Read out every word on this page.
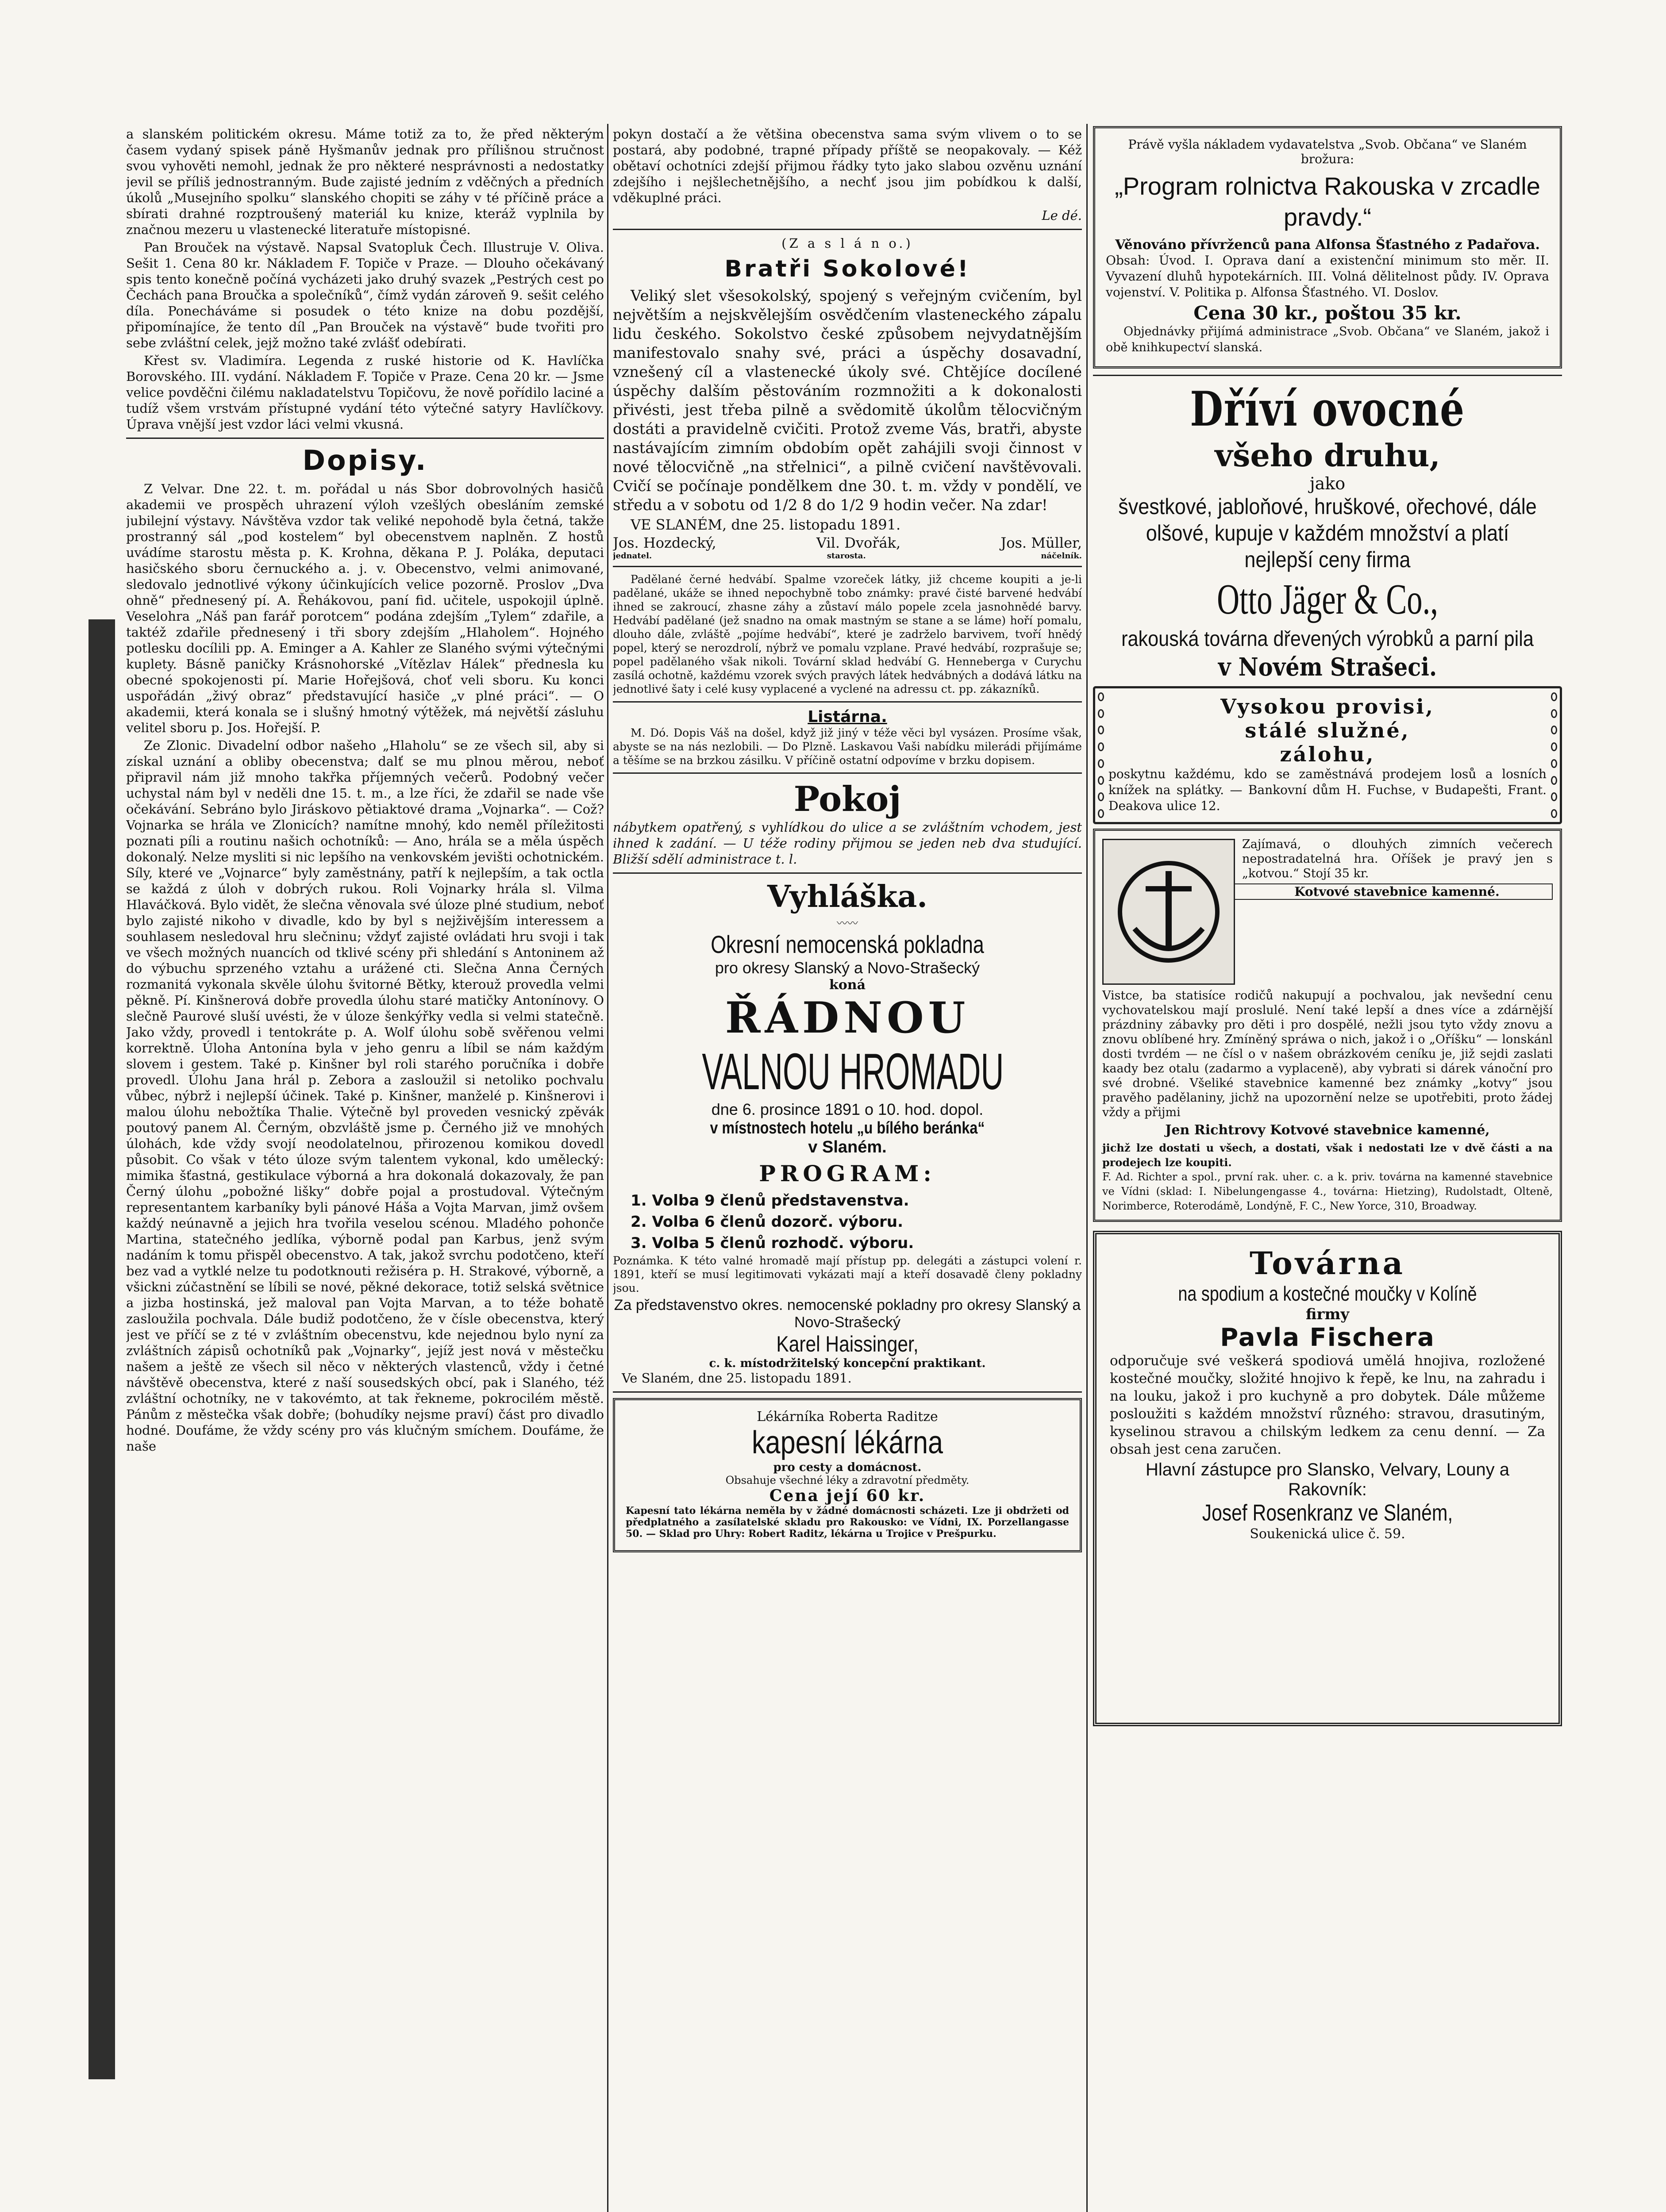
a slanském politickém okresu. Máme totiž za to, že před některým časem vydaný spisek páně Hyšmanův jednak pro přílišnou stručnost svou vyhověti nemohl, jednak že pro některé nesprávnosti a nedostatky jevil se příliš jednostranným. Bude zajisté jedním z vděčných a předních úkolů „Musejního spolku“ slanského chopiti se záhy v té příčině práce a sbírati drahné rozptroušený materiál ku knize, kteráž vyplnila by značnou mezeru u vlastenecké literatuře místopisné.
Pan Brouček na výstavě. Napsal Svatopluk Čech. Illustruje V. Oliva. Sešit 1. Cena 80 kr. Nákladem F. Topiče v Praze. — Dlouho očekávaný spis tento konečně počíná vycházeti jako druhý svazek „Pestrých cest po Čechách pana Broučka a společníků“, čímž vydán zároveň 9. sešit celého díla. Ponecháváme si posudek o této knize na dobu pozdější, připomínajíce, že tento díl „Pan Brouček na výstavě“ bude tvořiti pro sebe zvláštní celek, jejž možno také zvlášť odebírati.
Křest sv. Vladimíra. Legenda z ruské historie od K. Havlíčka Borovského. III. vydání. Nákladem F. Topiče v Praze. Cena 20 kr. — Jsme velice povděčni čilému nakladatelstvu Topičovu, že nově pořídilo laciné a tudíž všem vrstvám přístupné vydání této výtečné satyry Havlíčkovy. Úprava vnější jest vzdor láci velmi vkusná.
Dopisy.
Z Velvar. Dne 22. t. m. pořádal u nás Sbor dobrovolných hasičů akademii ve prospěch uhrazení výloh vzešlých obesláním zemské jubilejní výstavy. Návštěva vzdor tak veliké nepohodě byla četná, takže prostranný sál „pod kostelem“ byl obecenstvem naplněn. Z hostů uvádíme starostu města p. K. Krohna, děkana P. J. Poláka, deputaci hasičského sboru černuckého a. j. v. Obecenstvo, velmi animované, sledovalo jednotlivé výkony účinkujících velice pozorně. Proslov „Dva ohně“ přednesený pí. A. Řehákovou, paní fid. učitele, uspokojil úplně. Veselohra „Náš pan farář porotcem“ podána zdejším „Tylem“ zdařile, a taktéž zdařile přednesený i tři sbory zdejším „Hlaholem“. Hojného potlesku docílili pp. A. Eminger a A. Kahler ze Slaného svými výtečnými kuplety. Básně paničky Krásnohorské „Vítězlav Hálek“ přednesla ku obecné spokojenosti pí. Marie Hořejšová, choť veli sboru. Ku konci uspořádán „živý obraz“ představující hasiče „v plné práci“. — O akademii, která konala se i slušný hmotný výtěžek, má největší zásluhu velitel sboru p. Jos. Hořejší. P.
Ze Zlonic. Divadelní odbor našeho „Hlaholu“ se ze všech sil, aby si získal uznání a obliby obecenstva; dalť se mu plnou měrou, neboť připravil nám již mnoho takřka příjemných večerů. Podobný večer uchystal nám byl v neděli dne 15. t. m., a lze říci, že zdařil se nade vše očekávání. Sebráno bylo Jiráskovo pětiaktové drama „Vojnarka“. — Což? Vojnarka se hrála ve Zlonicích? namítne mnohý, kdo neměl příležitosti poznati píli a routinu našich ochotníků: — Ano, hrála se a měla úspěch dokonalý. Nelze mysliti si nic lepšího na venkovském jevišti ochotnickém. Síly, které ve „Vojnarce“ byly zaměstnány, patří k nejlepším, a tak octla se každá z úloh v dobrých rukou. Roli Vojnarky hrála sl. Vilma Hlaváčková. Bylo vidět, že slečna věnovala své úloze plné studium, neboť bylo zajisté nikoho v divadle, kdo by byl s nejživějším interessem a souhlasem nesledoval hru slečninu; vždyť zajisté ovládati hru svoji i tak ve všech možných nuancích od tklivé scény při shledání s Antoninem až do výbuchu sprzeného vztahu a urážené cti. Slečna Anna Černých rozmanitá vykonala skvěle úlohu švitorné Bětky, kterouž provedla velmi pěkně. Pí. Kinšnerová dobře provedla úlohu staré matičky Antonínovy. O slečně Paurové sluší uvésti, že v úloze šenkýřky vedla si velmi statečně. Jako vždy, provedl i tentokráte p. A. Wolf úlohu sobě svěřenou velmi korrektně. Úloha Antonína byla v jeho genru a líbil se nám každým slovem i gestem. Také p. Kinšner byl roli starého poručníka i dobře provedl. Úlohu Jana hrál p. Zebora a zasloužil si netoliko pochvalu vůbec, nýbrž i nejlepší účinek. Také p. Kinšner, manželé p. Kinšnerovi i malou úlohu nebožtíka Thalie. Výtečně byl proveden vesnický zpěvák poutový panem Al. Černým, obzvláště jsme p. Černého již ve mnohých úlohách, kde vždy svojí neodolatelnou, přirozenou komikou dovedl působit. Co však v této úloze svým talentem vykonal, kdo umělecký: mimika šťastná, gestikulace výborná a hra dokonalá dokazovaly, že pan Černý úlohu „pobožné lišky“ dobře pojal a prostudoval. Výtečným representantem karbaníky byli pánové Háša a Vojta Marvan, jimž ovšem každý neúnavně a jejich hra tvořila veselou scénou. Mladého pohonče Martina, statečného jedlíka, výborně podal pan Karbus, jenž svým nadáním k tomu přispěl obecenstvo. A tak, jakož svrchu podotčeno, kteří bez vad a vytklé nelze tu podotknouti režiséra p. H. Strakové, výborně, a všickni zúčastnění se líbili se nové, pěkné dekorace, totiž selská světnice a jizba hostinská, jež maloval pan Vojta Marvan, a to téže bohatě zasloužila pochvala. Dále budiž podotčeno, že v čísle obecenstva, který jest ve příčí se z té v zvláštním obecenstvu, kde nejednou bylo nyní za zvláštních zápisů ochotníků pak „Vojnarky“, jejíž jest nová v městečku našem a ještě ze všech sil něco v některých vlastenců, vždy i četné návštěvě obecenstva, které z naší sousedských obcí, pak i Slaného, též zvláštní ochotníky, ne v takovémto, at tak řekneme, pokrocilém městě. Pánům z městečka však dobře; (bohudíky nejsme praví) část pro divadlo hodné. Doufáme, že vždy scény pro vás klučným smíchem. Doufáme, že naše
pokyn dostačí a že většina obecenstva sama svým vlivem o to se postará, aby podobné, trapné případy příště se neopakovaly. — Kéž obětaví ochotníci zdejší přijmou řádky tyto jako slabou ozvěnu uznání zdejšího i nejšlechetnějšího, a nechť jsou jim pobídkou k další, vděkuplné práci.
Le dé.
(Z a s l á n o.)
Bratři Sokolové!
Veliký slet všesokolský, spojený s veřejným cvičením, byl největším a nejskvělejším osvědčením vlasteneckého zápalu lidu českého. Sokolstvo české způsobem nejvydatnějším manifestovalo snahy své, práci a úspěchy dosavadní, vznešený cíl a vlastenecké úkoly své. Chtějíce docílené úspěchy dalším pěstováním rozmnožiti a k dokonalosti přivésti, jest třeba pilně a svědomitě úkolům tělocvičným dostáti a pravidelně cvičiti. Protož zveme Vás, bratři, abyste nastávajícím zimním obdobím opět zahájili svoji činnost v nové tělocvičně „na střelnici“, a pilně cvičení navštěvovali. Cvičí se počínaje pondělkem dne 30. t. m. vždy v pondělí, ve středu a v sobotu od 1/2 8 do 1/2 9 hodin večer. Na zdar!
VE SLANÉM, dne 25. listopadu 1891.
Jos. Hozdecký,	Vil. Dvořák,	Jos. Müller,
jednatel.	starosta.	náčelník.
Padělané černé hedvábí. Spalme vzoreček látky, již chceme koupiti a je-li padělané, ukáže se ihned nepochybně tobo známky: pravé čisté barvené hedvábí ihned se zakroucí, zhasne záhy a zůstaví málo popele zcela jasnohnědé barvy. Hedvábí padělané (jež snadno na omak mastným se stane a se láme) hoří pomalu, dlouho dále, zvláště „pojíme hedvábí“, které je zadrželo barvivem, tvoří hnědý popel, který se nerozdrolí, nýbrž ve pomalu vzplane. Pravé hedvábí, rozprašuje se; popel padělaného však nikoli. Tovární sklad hedvábí G. Henneberga v Curychu zasílá ochotně, každému vzorek svých pravých látek hedvábných a dodává látku na jednotlivé šaty i celé kusy vyplacené a vyclené na adressu ct. pp. zákazníků.
Listárna.
M. Dó. Dopis Váš na došel, když již jiný v téže věci byl vysázen. Prosíme však, abyste se na nás nezlobili. — Do Plzně. Laskavou Vaši nabídku milerádi přijímáme a těšíme se na brzkou zásilku. V příčině ostatní odpovíme v brzku dopisem.
Pokoj
nábytkem opatřený, s vyhlídkou do ulice a se zvláštním vchodem, jest ihned k zadání. — U téže rodiny přijmou se jeden neb dva studující. Bližší sdělí administrace t. l.
Vyhláška.
〰〰
Okresní nemocenská pokladna
pro okresy Slanský a Novo-Strašecký
koná
ŘÁDNOU
VALNOU HROMADU
dne 6. prosince 1891 o 10. hod. dopol.
v místnostech hotelu „u bílého beránka“
v Slaném.
PROGRAM:
1. Volba 9 členů představenstva.
2. Volba 6 členů dozorč. výboru.
3. Volba 5 členů rozhodč. výboru.
Poznámka. K této valné hromadě mají přístup pp. delegáti a zástupci volení r. 1891, kteří se musí legitimovati vykázati mají a kteří dosavadě členy pokladny jsou.
Za představenstvo okres. nemocenské pokladny pro okresy Slanský a Novo-Strašecký
Karel Haissinger,
c. k. místodržitelský koncepční praktikant.
Ve Slaném, dne 25. listopadu 1891.
Lékárníka Roberta Raditze
kapesní lékárna
pro cesty a domácnost.
Obsahuje všechné léky a zdravotní předměty.
Cena její 60 kr.
Kapesní tato lékárna neměla by v žádné domácnosti scházeti. Lze ji obdržeti od předplatného a zasílatelské skladu pro Rakousko: ve Vídni, IX. Porzellangasse 50. — Sklad pro Uhry: Robert Raditz, lékárna u Trojice v Prešpurku.
Právě vyšla nákladem vydavatelstva „Svob. Občana“ ve Slaném brožura:
„Program rolnictva Rakouska v zrcadle pravdy.“
Věnováno přívrženců pana Alfonsa Šťastného z Padařova.
Obsah: Úvod. I. Oprava daní a existenční minimum sto měr. II. Vyvazení dluhů hypotekárních. III. Volná dělitelnost půdy. IV. Oprava vojenství. V. Politika p. Alfonsa Šťastného. VI. Doslov.
Cena 30 kr., poštou 35 kr.
Objednávky přijímá administrace „Svob. Občana“ ve Slaném, jakož i obě knihkupectví slanská.
Dříví ovocné
všeho druhu,
jako
švestkové, jabloňové, hruškové, ořechové, dále olšové, kupuje v každém množství a platí nejlepší ceny firma
Otto Jäger & Co.,
rakouská továrna dřevených výrobků a parní pila
v Novém Strašeci.
Vysokou provisi,
stálé služné,
zálohu,
poskytnu každému, kdo se zaměstnává prodejem losů a losních knížek na splátky. — Bankovní dům H. Fuchse, v Budapešti, Frant. Deakova ulice 12.
Zajímavá, o dlouhých zimních večerech nepostradatelná hra. Oříšek je pravý jen s „kotvou.“ Stojí 35 kr.
Kotvové stavebnice kamenné.
Vistce, ba statisíce rodičů nakupují a pochvalou, jak nevšední cenu vychovatelskou mají proslulé. Není také lepší a dnes více a zdárnější prázdniny zábavky pro děti i pro dospělé, nežli jsou tyto vždy znovu a znovu oblíbené hry. Zmíněný spráwa o nich, jakož i o „Oříšku“ — lonskánl dosti tvrdém — ne čísl o v našem obrázkovém ceníku je, již sejdi zaslati kaady bez otalu (zadarmo a vyplaceně), aby vybrati si dárek vánoční pro své drobné. Všeliké stavebnice kamenné bez známky „kotvy“ jsou pravěho padělaniny, jichž na upozornění nelze se upotřebiti, proto žádej vždy a přijmi
Jen Richtrovy Kotvové stavebnice kamenné,
jichž lze dostati u všech, a dostati, však i nedostati lze v dvě části a na prodejech lze koupiti.
F. Ad. Richter a spol., první rak. uher. c. a k. priv. továrna na kamenné stavebnice ve Vídni (sklad: I. Nibelungengasse 4., továrna: Hietzing), Rudolstadt, Olteně, Norimberce, Roterodámě, Londýně, F. C., New Yorce, 310, Broadway.
Továrna
na spodium a kostečné moučky v Kolíně
firmy
Pavla Fischera
odporučuje své veškerá spodiová umělá hnojiva, rozložené kostečné moučky, složité hnojivo k řepě, ke lnu, na zahradu i na louku, jakož i pro kuchyně a pro dobytek. Dále můžeme posloužiti s každém množství různého: stravou, drasutiným, kyselinou stravou a chilským ledkem za cenu denní. — Za obsah jest cena zaručen.
Hlavní zástupce pro Slansko, Velvary, Louny a Rakovník:
Josef Rosenkranz ve Slaném,
Soukenická ulice č. 59.
